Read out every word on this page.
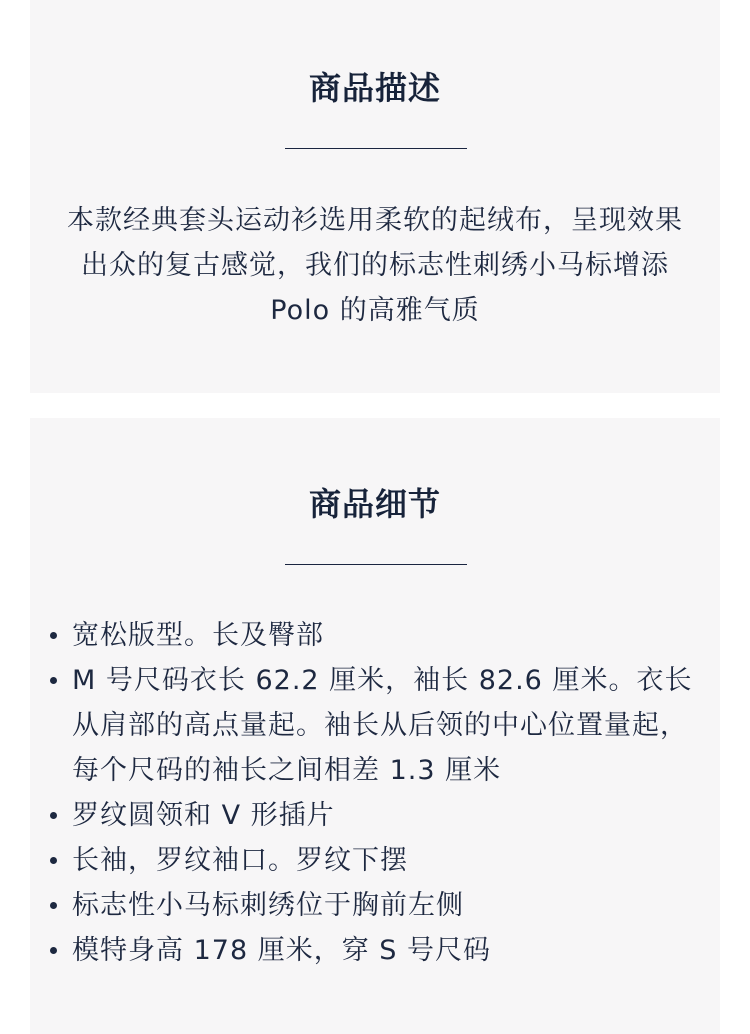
商品描述

本款经典套头运动衫选用柔软的起绒布，呈现效果出众的复古感觉，我们的标志性刺绣小马标增添 Polo 的高雅气质

商品细节
宽松版型。长及臀部
M 号尺码衣长 62.2 厘米，袖长 82.6 厘米。衣长从肩部的高点量起。袖长从后领的中心位置量起，每个尺码的袖长之间相差 1.3 厘米
罗纹圆领和 V 形插片
长袖，罗纹袖口。罗纹下摆
标志性小马标刺绣位于胸前左侧
模特身高 178 厘米，穿 S 号尺码
